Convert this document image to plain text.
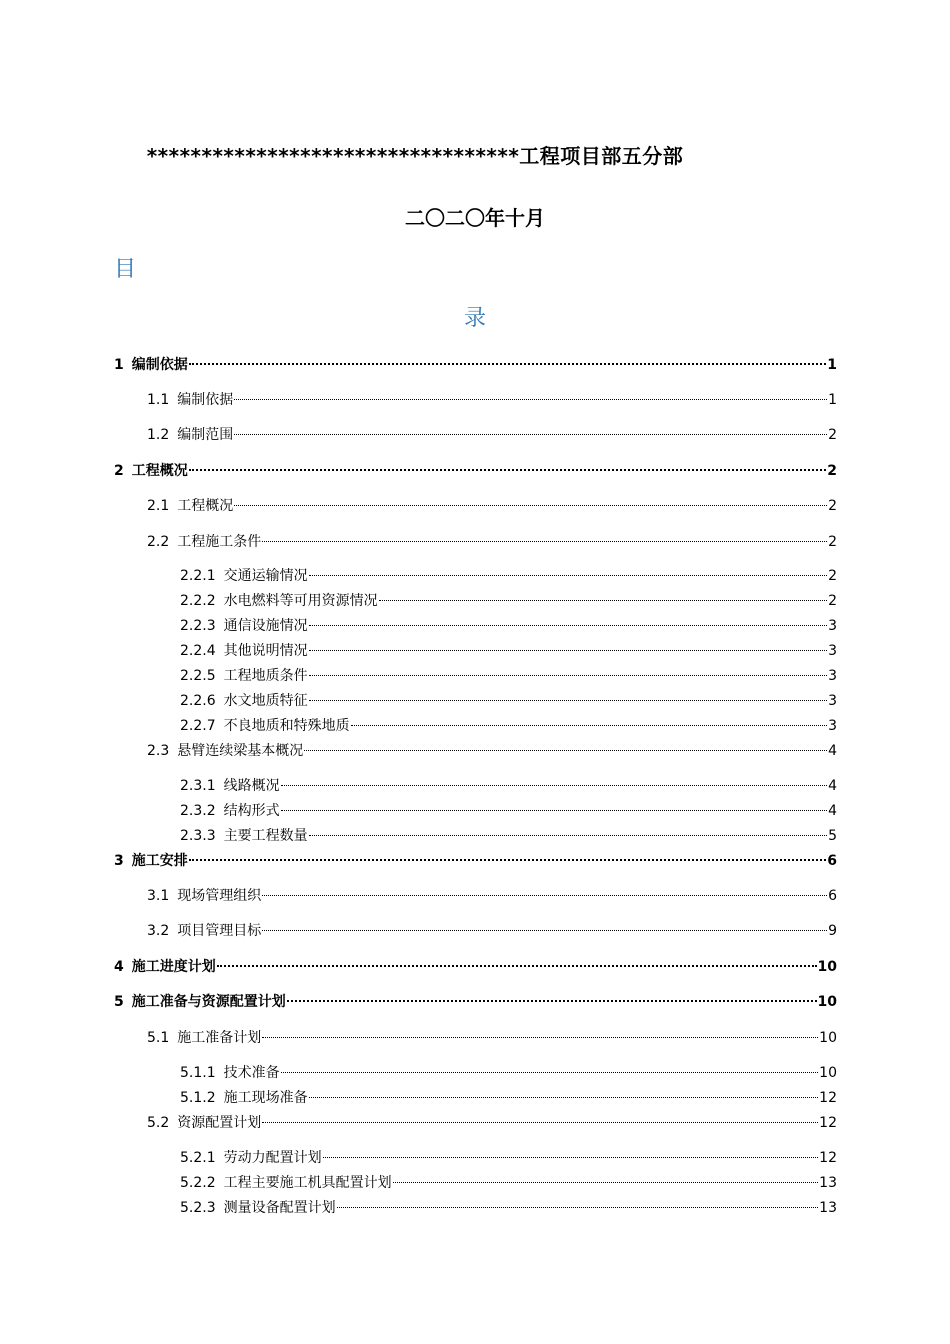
**********************************工程项目部五分部
二〇二〇年十月
目
录
1 编制依据	1
1.1 编制依据	1
1.2 编制范围	2
2 工程概况	2
2.1 工程概况	2
2.2 工程施工条件	2
2.2.1 交通运输情况	2
2.2.2 水电燃料等可用资源情况	2
2.2.3 通信设施情况	3
2.2.4 其他说明情况	3
2.2.5 工程地质条件	3
2.2.6 水文地质特征	3
2.2.7 不良地质和特殊地质	3
2.3 悬臂连续梁基本概况	4
2.3.1 线路概况	4
2.3.2 结构形式	4
2.3.3 主要工程数量	5
3 施工安排	6
3.1 现场管理组织	6
3.2 项目管理目标	9
4 施工进度计划	10
5 施工准备与资源配置计划	10
5.1 施工准备计划	10
5.1.1 技术准备	10
5.1.2 施工现场准备	12
5.2 资源配置计划	12
5.2.1 劳动力配置计划	12
5.2.2 工程主要施工机具配置计划	13
5.2.3 测量设备配置计划	13
